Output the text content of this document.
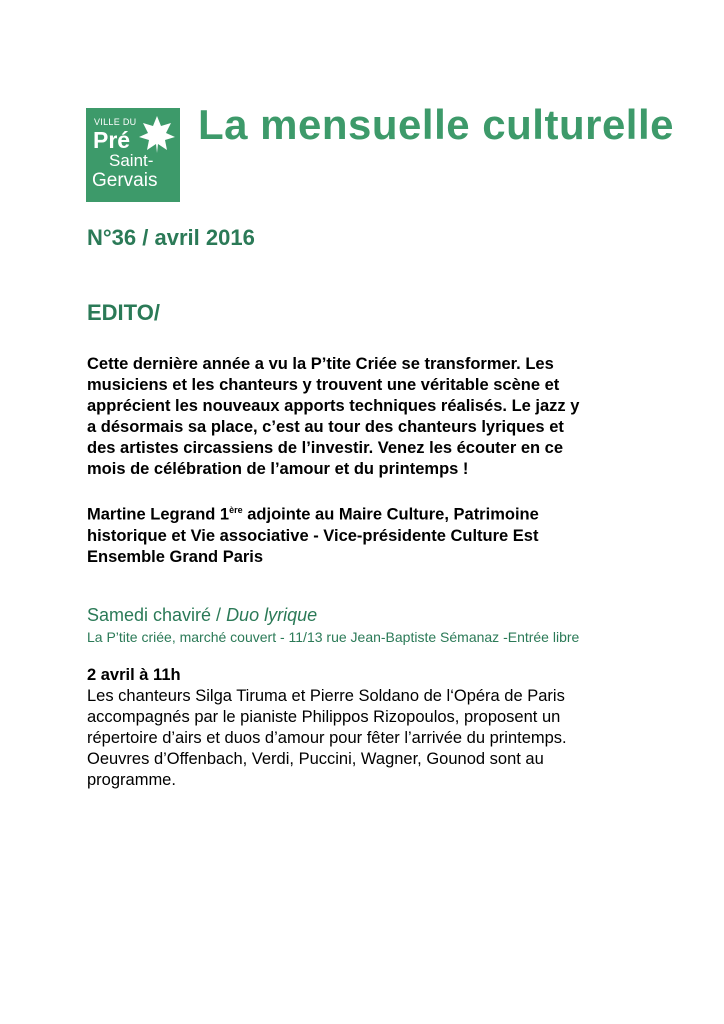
VILLE DU
Pré
Saint-
Gervais
La mensuelle culturelle
N°36 / avril 2016
EDITO/
Cette dernière année a vu la P’tite Criée se transformer. Les
musiciens et les chanteurs y trouvent une véritable scène et
apprécient les nouveaux apports techniques réalisés. Le jazz y
a désormais sa place, c’est au tour des chanteurs lyriques et
des artistes circassiens de l’investir. Venez les écouter en ce
mois de célébration de l’amour et du printemps !
Martine Legrand 1ère adjointe au Maire Culture, Patrimoine
historique et Vie associative - Vice-présidente Culture Est
Ensemble Grand Paris
Samedi chaviré / Duo lyrique
La P’tite criée, marché couvert - 11/13 rue Jean-Baptiste Sémanaz -Entrée libre
2 avril à 11h
Les chanteurs Silga Tiruma et Pierre Soldano de l‘Opéra de Paris
accompagnés par le pianiste Philippos Rizopoulos, proposent un
répertoire d’airs et duos d’amour pour fêter l’arrivée du printemps.
Oeuvres d’Offenbach, Verdi, Puccini, Wagner, Gounod sont au
programme.
